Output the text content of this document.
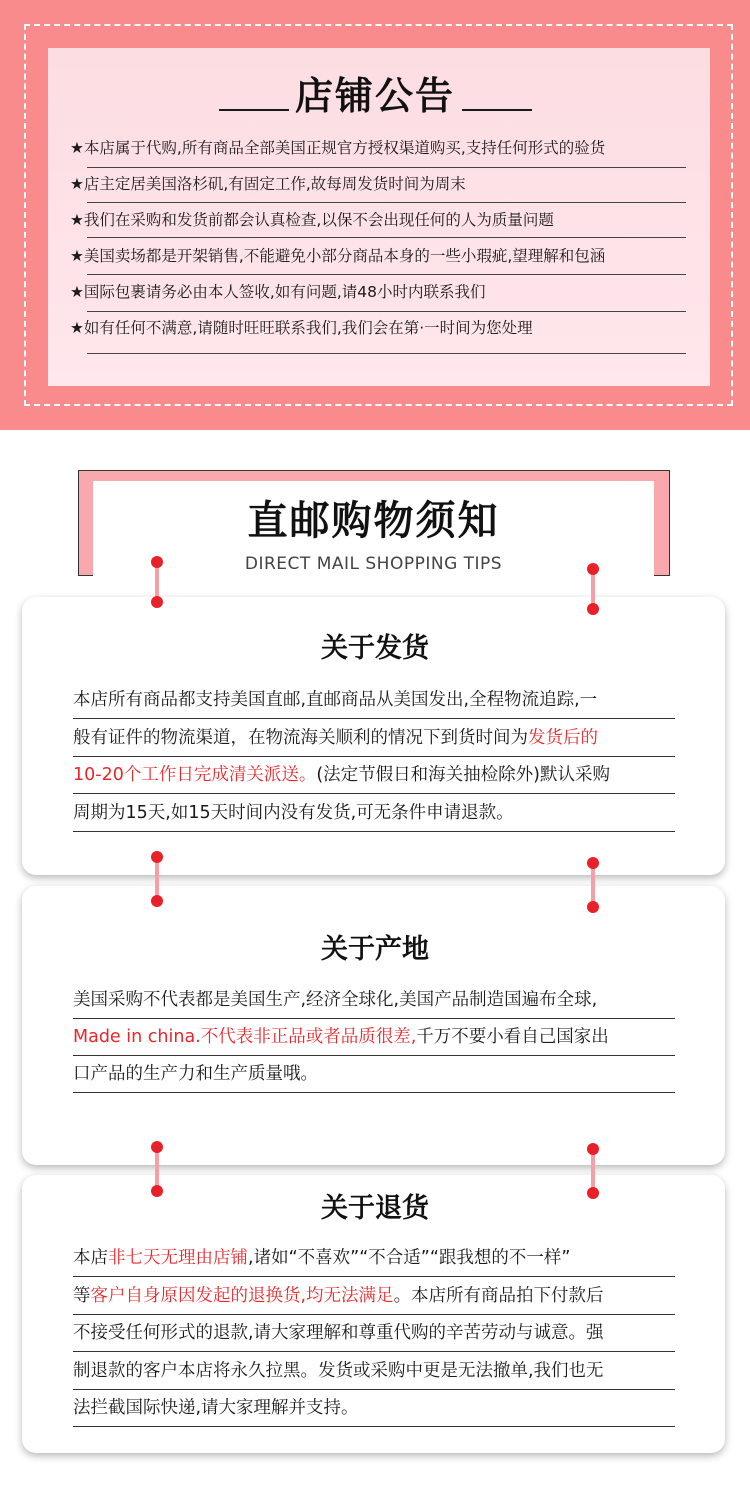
店铺公告
★本店属于代购,所有商品全部美国正规官方授权渠道购买,支持任何形式的验货
★店主定居美国洛杉矶,有固定工作,故每周发货时间为周末
★我们在采购和发货前都会认真检查,以保不会出现任何的人为质量问题
★美国卖场都是开架销售,不能避免小部分商品本身的一些小瑕疵,望理解和包涵
★国际包裹请务必由本人签收,如有问题,请48小时内联系我们
★如有任何不满意,请随时旺旺联系我们,我们会在第·一时间为您处理
直邮购物须知
DIRECT MAIL SHOPPING TIPS
关于发货
本店所有商品都支持美国直邮,直邮商品从美国发出,全程物流追踪,一
般有证件的物流渠道，在物流海关顺利的情况下到货时间为发货后的
10-20个工作日完成清关派送。(法定节假日和海关抽检除外)默认采购
周期为15天,如15天时间内没有发货,可无条件申请退款。
关于产地
美国采购不代表都是美国生产,经济全球化,美国产品制造国遍布全球,
Made in china.不代表非正品或者品质很差,千万不要小看自己国家出
口产品的生产力和生产质量哦。
关于退货
本店非七天无理由店铺,诸如“不喜欢”“不合适”“跟我想的不一样”
等客户自身原因发起的退换货,均无法满足。本店所有商品拍下付款后
不接受任何形式的退款,请大家理解和尊重代购的辛苦劳动与诚意。强
制退款的客户本店将永久拉黑。发货或采购中更是无法撤单,我们也无
法拦截国际快递,请大家理解并支持。
